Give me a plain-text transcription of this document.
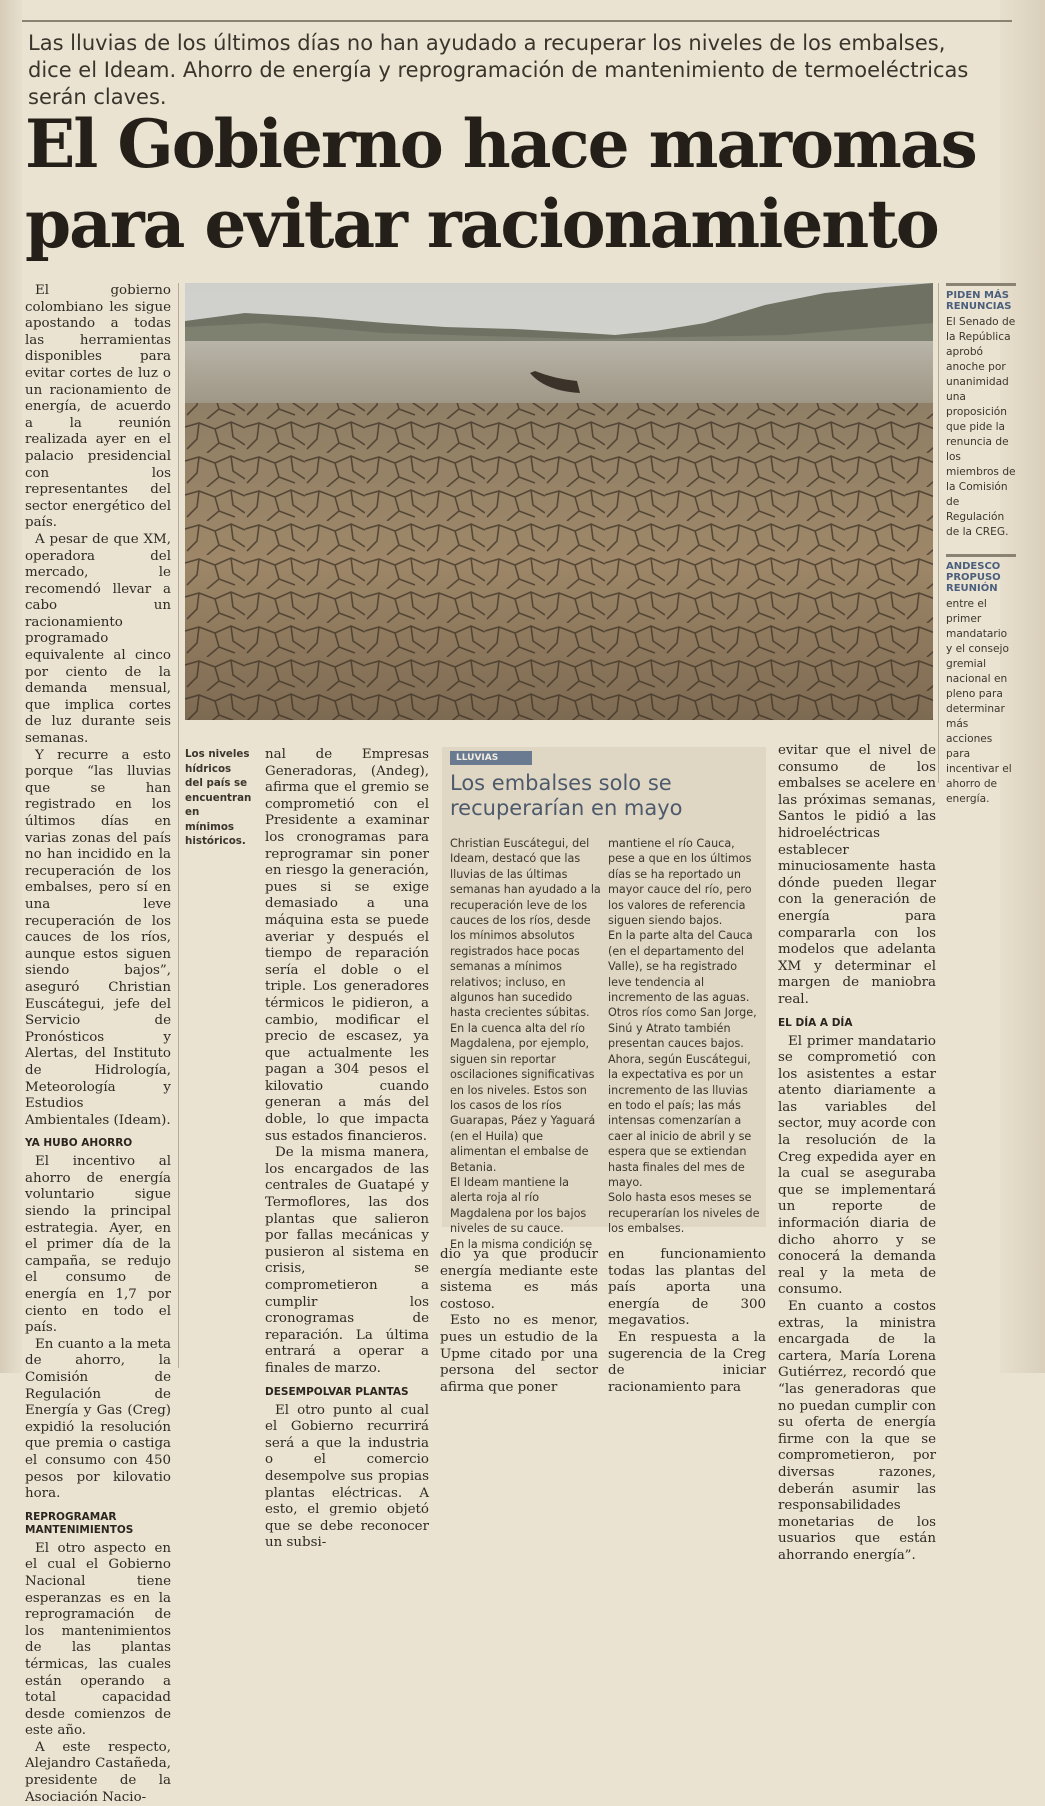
Las lluvias de los últimos días no han ayudado a recuperar los niveles de los embalses, dice el Ideam. Ahorro de energía y reprogramación de mantenimiento de termoeléctricas serán claves.
El Gobierno hace maromas para evitar racionamiento

El gobierno colombiano les sigue apostando a todas las herramientas disponibles para evitar cortes de luz o un racionamiento de energía, de acuerdo a la reunión realizada ayer en el palacio presidencial con los representantes del sector energético del país.

A pesar de que XM, operadora del mercado, le recomendó llevar a cabo un racionamiento programado equivalente al cinco por ciento de la demanda mensual, que implica cortes de luz durante seis semanas.

Y recurre a esto porque “las lluvias que se han registrado en los últimos días en varias zonas del país no han incidido en la recuperación de los embalses, pero sí en una leve recuperación de los cauces de los ríos, aunque estos siguen siendo bajos”, aseguró Christian Euscátegui, jefe del Servicio de Pronósticos y Alertas, del Instituto de Hidrología, Meteorología y Estudios Ambientales (Ideam).

YA HUBO AHORRO

El incentivo al ahorro de energía voluntario sigue siendo la principal estrategia. Ayer, en el primer día de la campaña, se redujo el consumo de energía en 1,7 por ciento en todo el país.

En cuanto a la meta de ahorro, la Comisión de Regulación de Energía y Gas (Creg) expidió la resolución que premia o castiga el consumo con 450 pesos por kilovatio hora.

REPROGRAMAR MANTENIMIENTOS

El otro aspecto en el cual el Gobierno Nacional tiene esperanzas es en la reprogramación de los mantenimientos de las plantas térmicas, las cuales están operando a total capacidad desde comienzos de este año.

A este respecto, Alejandro Castañeda, presidente de la Asociación Nacio-

PIDEN MÁS RENUNCIAS
El Senado de la República aprobó anoche por unanimidad una proposición que pide la renuncia de los miembros de la Comisión de Regulación de la CREG.
ANDESCO PROPUSO REUNIÓN
entre el primer mandatario y el consejo gremial nacional en pleno para determinar más acciones para incentivar el ahorro de energía.
Los niveles hídricos del país se encuentran en mínimos históricos.

nal de Empresas Generadoras, (Andeg), afirma que el gremio se comprometió con el Presidente a examinar los cronogramas para reprogramar sin poner en riesgo la generación, pues si se exige demasiado a una máquina esta se puede averiar y después el tiempo de reparación sería el doble o el triple. Los generadores térmicos le pidieron, a cambio, modificar el precio de escasez, ya que actualmente les pagan a 304 pesos el kilovatio cuando generan a más del doble, lo que impacta sus estados financieros.

De la misma manera, los encargados de las centrales de Guatapé y Termoflores, las dos plantas que salieron por fallas mecánicas y pusieron al sistema en crisis, se comprometieron a cumplir los cronogramas de reparación. La última entrará a operar a finales de marzo.

DESEMPOLVAR PLANTAS

El otro punto al cual el Gobierno recurrirá será a que la industria o el comercio desempolve sus propias plantas eléctricas. A esto, el gremio objetó que se debe reconocer un subsi-

LLUVIAS
Los embalses solo se recuperarían en mayo

Christian Euscátegui, del Ideam, destacó que las lluvias de las últimas semanas han ayudado a la recuperación leve de los cauces de los ríos, desde los mínimos absolutos registrados hace pocas semanas a mínimos relativos; incluso, en algunos han sucedido hasta crecientes súbitas.

En la cuenca alta del río Magdalena, por ejemplo, siguen sin reportar oscilaciones significativas en los niveles. Estos son los casos de los ríos Guarapas, Páez y Yaguará (en el Huila) que alimentan el embalse de Betania.

El Ideam mantiene la alerta roja al río Magdalena por los bajos niveles de su cauce.

En la misma condición se

mantiene el río Cauca, pese a que en los últimos días se ha reportado un mayor cauce del río, pero los valores de referencia siguen siendo bajos.

En la parte alta del Cauca (en el departamento del Valle), se ha registrado leve tendencia al incremento de las aguas.

Otros ríos como San Jorge, Sinú y Atrato también presentan cauces bajos.

Ahora, según Euscátegui, la expectativa es por un incremento de las lluvias en todo el país; las más intensas comenzarían a caer al inicio de abril y se espera que se extiendan hasta finales del mes de mayo.

Solo hasta esos meses se recuperarían los niveles de los embalses.

dio ya que producir energía mediante este sistema es más costoso.

Esto no es menor, pues un estudio de la Upme citado por una persona del sector afirma que poner

en funcionamiento todas las plantas del país aporta una energía de 300 megavatios.

En respuesta a la sugerencia de la Creg de iniciar racionamiento para

evitar que el nivel de consumo de los embalses se acelere en las próximas semanas, Santos le pidió a las hidroeléctricas establecer minuciosamente hasta dónde pueden llegar con la generación de energía para compararla con los modelos que adelanta XM y determinar el margen de maniobra real.

EL DÍA A DÍA

El primer mandatario se comprometió con los asistentes a estar atento diariamente a las variables del sector, muy acorde con la resolución de la Creg expedida ayer en la cual se aseguraba que se implementará un reporte de información diaria de dicho ahorro y se conocerá la demanda real y la meta de consumo.

En cuanto a costos extras, la ministra encargada de la cartera, María Lorena Gutiérrez, recordó que “las generadoras que no puedan cumplir con su oferta de energía firme con la que se comprometieron, por diversas razones, deberán asumir las responsabilidades monetarias de los usuarios que están ahorrando energía”.
